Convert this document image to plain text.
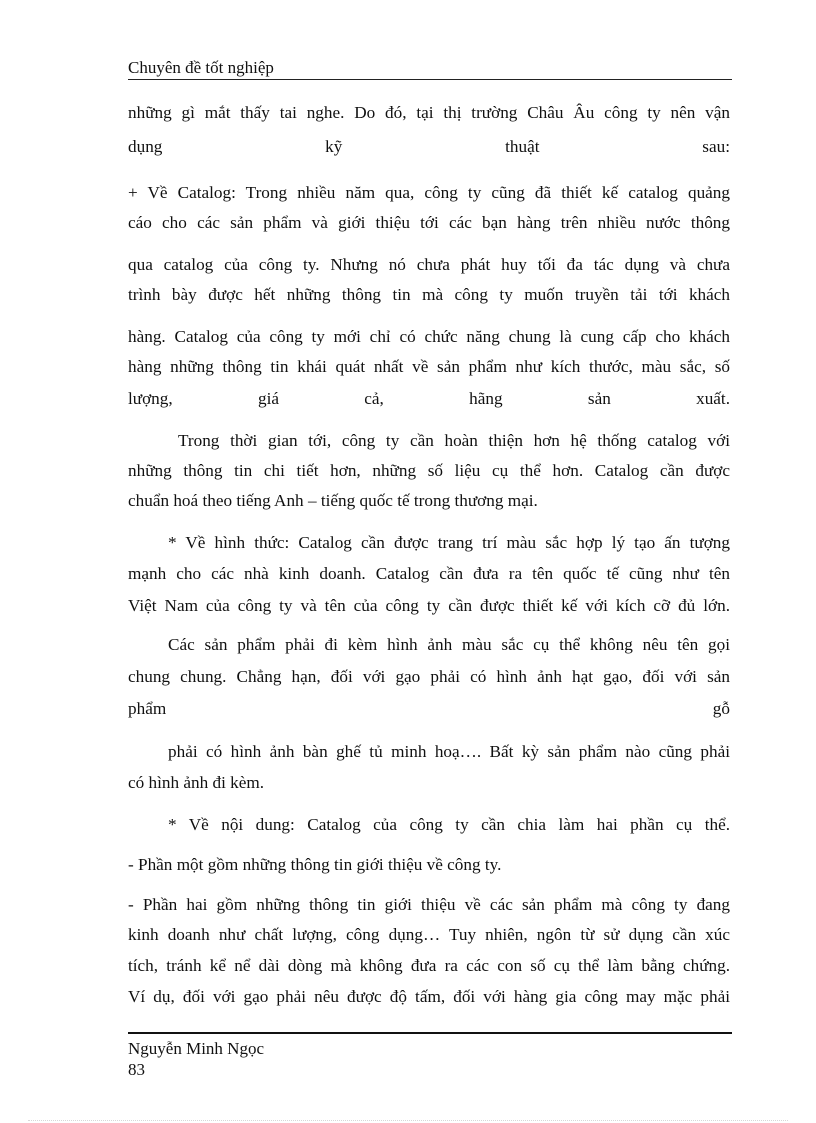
Chuyên đề tốt nghiệp
những gì mắt thấy tai nghe. Do đó, tại thị trường Châu Âu công ty nên vận
dụng kỹ thuật sau:
+ Về Catalog: Trong nhiều năm qua, công ty cũng đã thiết kế catalog quảng
cáo cho các sản phẩm và giới thiệu tới các bạn hàng trên nhiều nước thông
qua catalog của công ty. Nhưng nó chưa phát huy tối đa tác dụng và chưa
trình bày được hết những thông tin mà công ty muốn truyền tải tới khách
hàng. Catalog của công ty mới chỉ có chức năng chung là cung cấp cho khách
hàng những thông tin khái quát nhất về sản phẩm như kích thước, màu sắc, số
lượng, giá cả, hãng sản xuất.
Trong thời gian tới, công ty cần hoàn thiện hơn hệ thống catalog với
những thông tin chi tiết hơn, những số liệu cụ thể hơn. Catalog cần được
chuẩn hoá theo tiếng Anh – tiếng quốc tế trong thương mại.
* Về hình thức: Catalog cần được trang trí màu sắc hợp lý tạo ấn tượng
mạnh cho các nhà kinh doanh. Catalog cần đưa ra tên quốc tế cũng như tên
Việt Nam của công ty và tên của công ty cần được thiết kế với kích cỡ đủ lớn.
Các sản phẩm phải đi kèm hình ảnh màu sắc cụ thể không nêu tên gọi
chung chung. Chẳng hạn, đối với gạo phải có hình ảnh hạt gạo, đối với sản
phẩm gỗ
phải có hình ảnh bàn ghế tủ minh hoạ…. Bất kỳ sản phẩm nào cũng phải
có hình ảnh đi kèm.
* Về nội dung: Catalog của công ty cần chia làm hai phần cụ thể.
- Phần một gồm những thông tin giới thiệu về công ty.
- Phần hai gồm những thông tin giới thiệu về các sản phẩm mà công ty đang
kinh doanh như chất lượng, công dụng… Tuy nhiên, ngôn từ sử dụng cần xúc
tích, tránh kể nể dài dòng mà không đưa ra các con số cụ thể làm bằng chứng.
Ví dụ, đối với gạo phải nêu được độ tấm, đối với hàng gia công may mặc phải
Nguyễn Minh Ngọc
83
